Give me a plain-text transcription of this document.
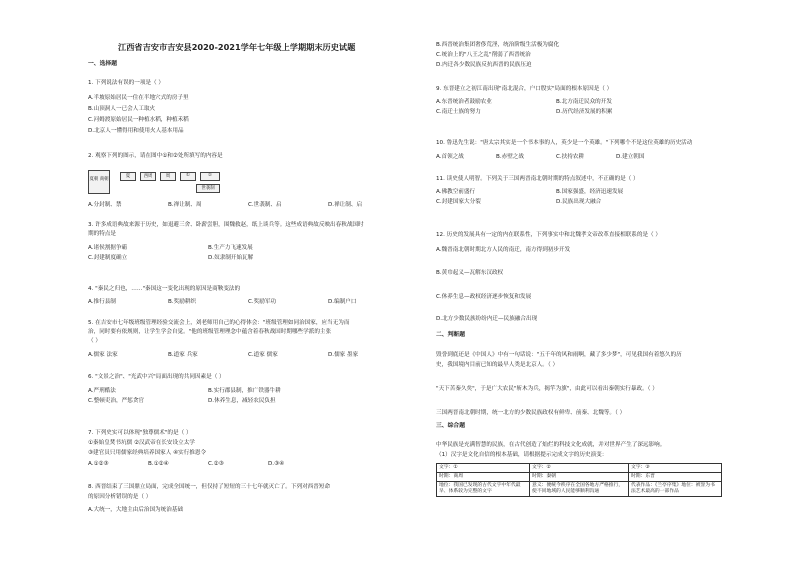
江西省吉安市吉安县2020-2021学年七年级上学期期末历史试题
一、选择题
1. 下列说法有误的一项是（ ）
A.半坡原始居民一住在半地穴式的房子里
B.山顶洞人一已会人工取火
C.河姆渡原始居民一种植水稻，种植禾稻
D.北京人一懂得用和使用火人基本用品
2. 观察下列的图示，请在图中①和②处所填写的内容是
夏朝 商朝
夏	西周	周	①	②
世袭制
A.分封制、禁	B.禅让制、周	C.世袭制、启	D.禅让制、启
3. 许多成语典故来源于历史，如退避三舍、卧薪尝胆，围魏救赵，纸上谈兵等。这些成语典故反映出春秋战国时
期的特点是
A.诸侯割据争霸	B.生产力飞速发展
C.封建制度确立	D.奴隶制开始瓦解
4. "秦民之归也，……"秦国这一变化出现的原因是商鞅变法的
A.推行县制	B.奖励耕织	C.奖励军功	D.编制户口
5. 在吉安市七年级班级管理经验交流会上，刘老师用自己的心得体会："班级管理如同治国家，应当无为而
治，同时要有依规则，让学生学会自觉。"他的班级管理理念中蕴含着春秋战国时期哪些学派的主张
（ ）
A.儒家 法家	B.道家 兵家	C.道家 儒家	D.儒家 墨家
6. "文景之治"、"光武中兴"局面出现的共同因素是（ ）
A.严刑酷法	B.实行郡县制，推广铁器牛耕
C.整顿吏治，严惩贪官	D.休养生息，减轻农民负担
7. 下列史实可以体现"独尊儒术"的是（ ）
①秦始皇焚书坑儒 ②汉武帝在长安设立太学
③建官员只用儒家经典培养国家人 ④实行推恩令
A.①②③	B.①②④	C.②③	D.③④
8. 西晋结束了三国鼎立局面，完成全国统一，但仅持了短短的三十七年就灭亡了。下列对西晋短命
的原因分析错误的是（ ）
A.大统一，大地主由后治国为统治基础
B.西晋统治集团奢侈荒淫，统治阶级生活极为腐化
C.统治上的"八王之乱"削弱了西晋统治
D.内迁各少数民族反抗西晋的民族压迫
9. 东晋建立之初江南出现"南北混合，户口殷实"局面的根本原因是（ ）
A.东晋统治者鼓励农业	B.北方南迁民众的开发
C.南迁士族的努力	D.历代经济发展的积累
10. 鲁迅先生说："唐太宗其实是一个书本事的人，英少是一个英雄。"下列哪个不是这位英雄的历史活动
A.首领之战	B.赤壁之战	C.扶持农耕	D.建立朝国
11. 读史使人明智。下列关于三国两晋南北朝时期的特点叙述中，不正确的是（ ）
A.佛教空前盛行	B.国家强盛，经济迅速发展
C.封建国家大分裂	D.民族出现大融合
12. 历史的发展具有一定的内在联系性，下列事实中和北魏孝文帝改革直接相联系的是（ ）
A.魏晋南北朝时期北方人民的南迁，南方得到初步开发
B.黄巾起义—瓦解东汉政权
C.休养生息—政权经济逐步恢复和发展
D.北方少数民族纷纷内迁—民族融合出现
二、判断题
毁誉到底还是《中国人》中有一句话说："五千年的风和雨啊，藏了多少梦"，可见我国有着悠久的历
史，我国境内目前已知的最早人类是北京人。（ ）
"天下苦秦久矣"，于是广大农民"斩木为兵，揭竿为旗"，由此可以看出秦朝实行暴政。（ ）
三国两晋南北朝时期，统一北方的少数民族政权有鲜卑、前秦、北魏等。（ ）
三、综合题
中华民族是充满智慧的民族，在古代创造了灿烂的科技文化成就，并对世界产生了深远影响。
（1）汉字是文化自信的根本基础，请根据提示完成文字的历史演变：
文字：①	文字：②	文字：③
时期：商周	时期：秦朝	时期：东晋
地位：我国已发现的古代文字中年代最早、体系较为完整的文字	意义：便统今秩序在全国各地方严格推行，使不同地域的人民能够顺利沟通	代表作品：《兰亭序集》地位：被誉为书法艺术最高的一部作品
